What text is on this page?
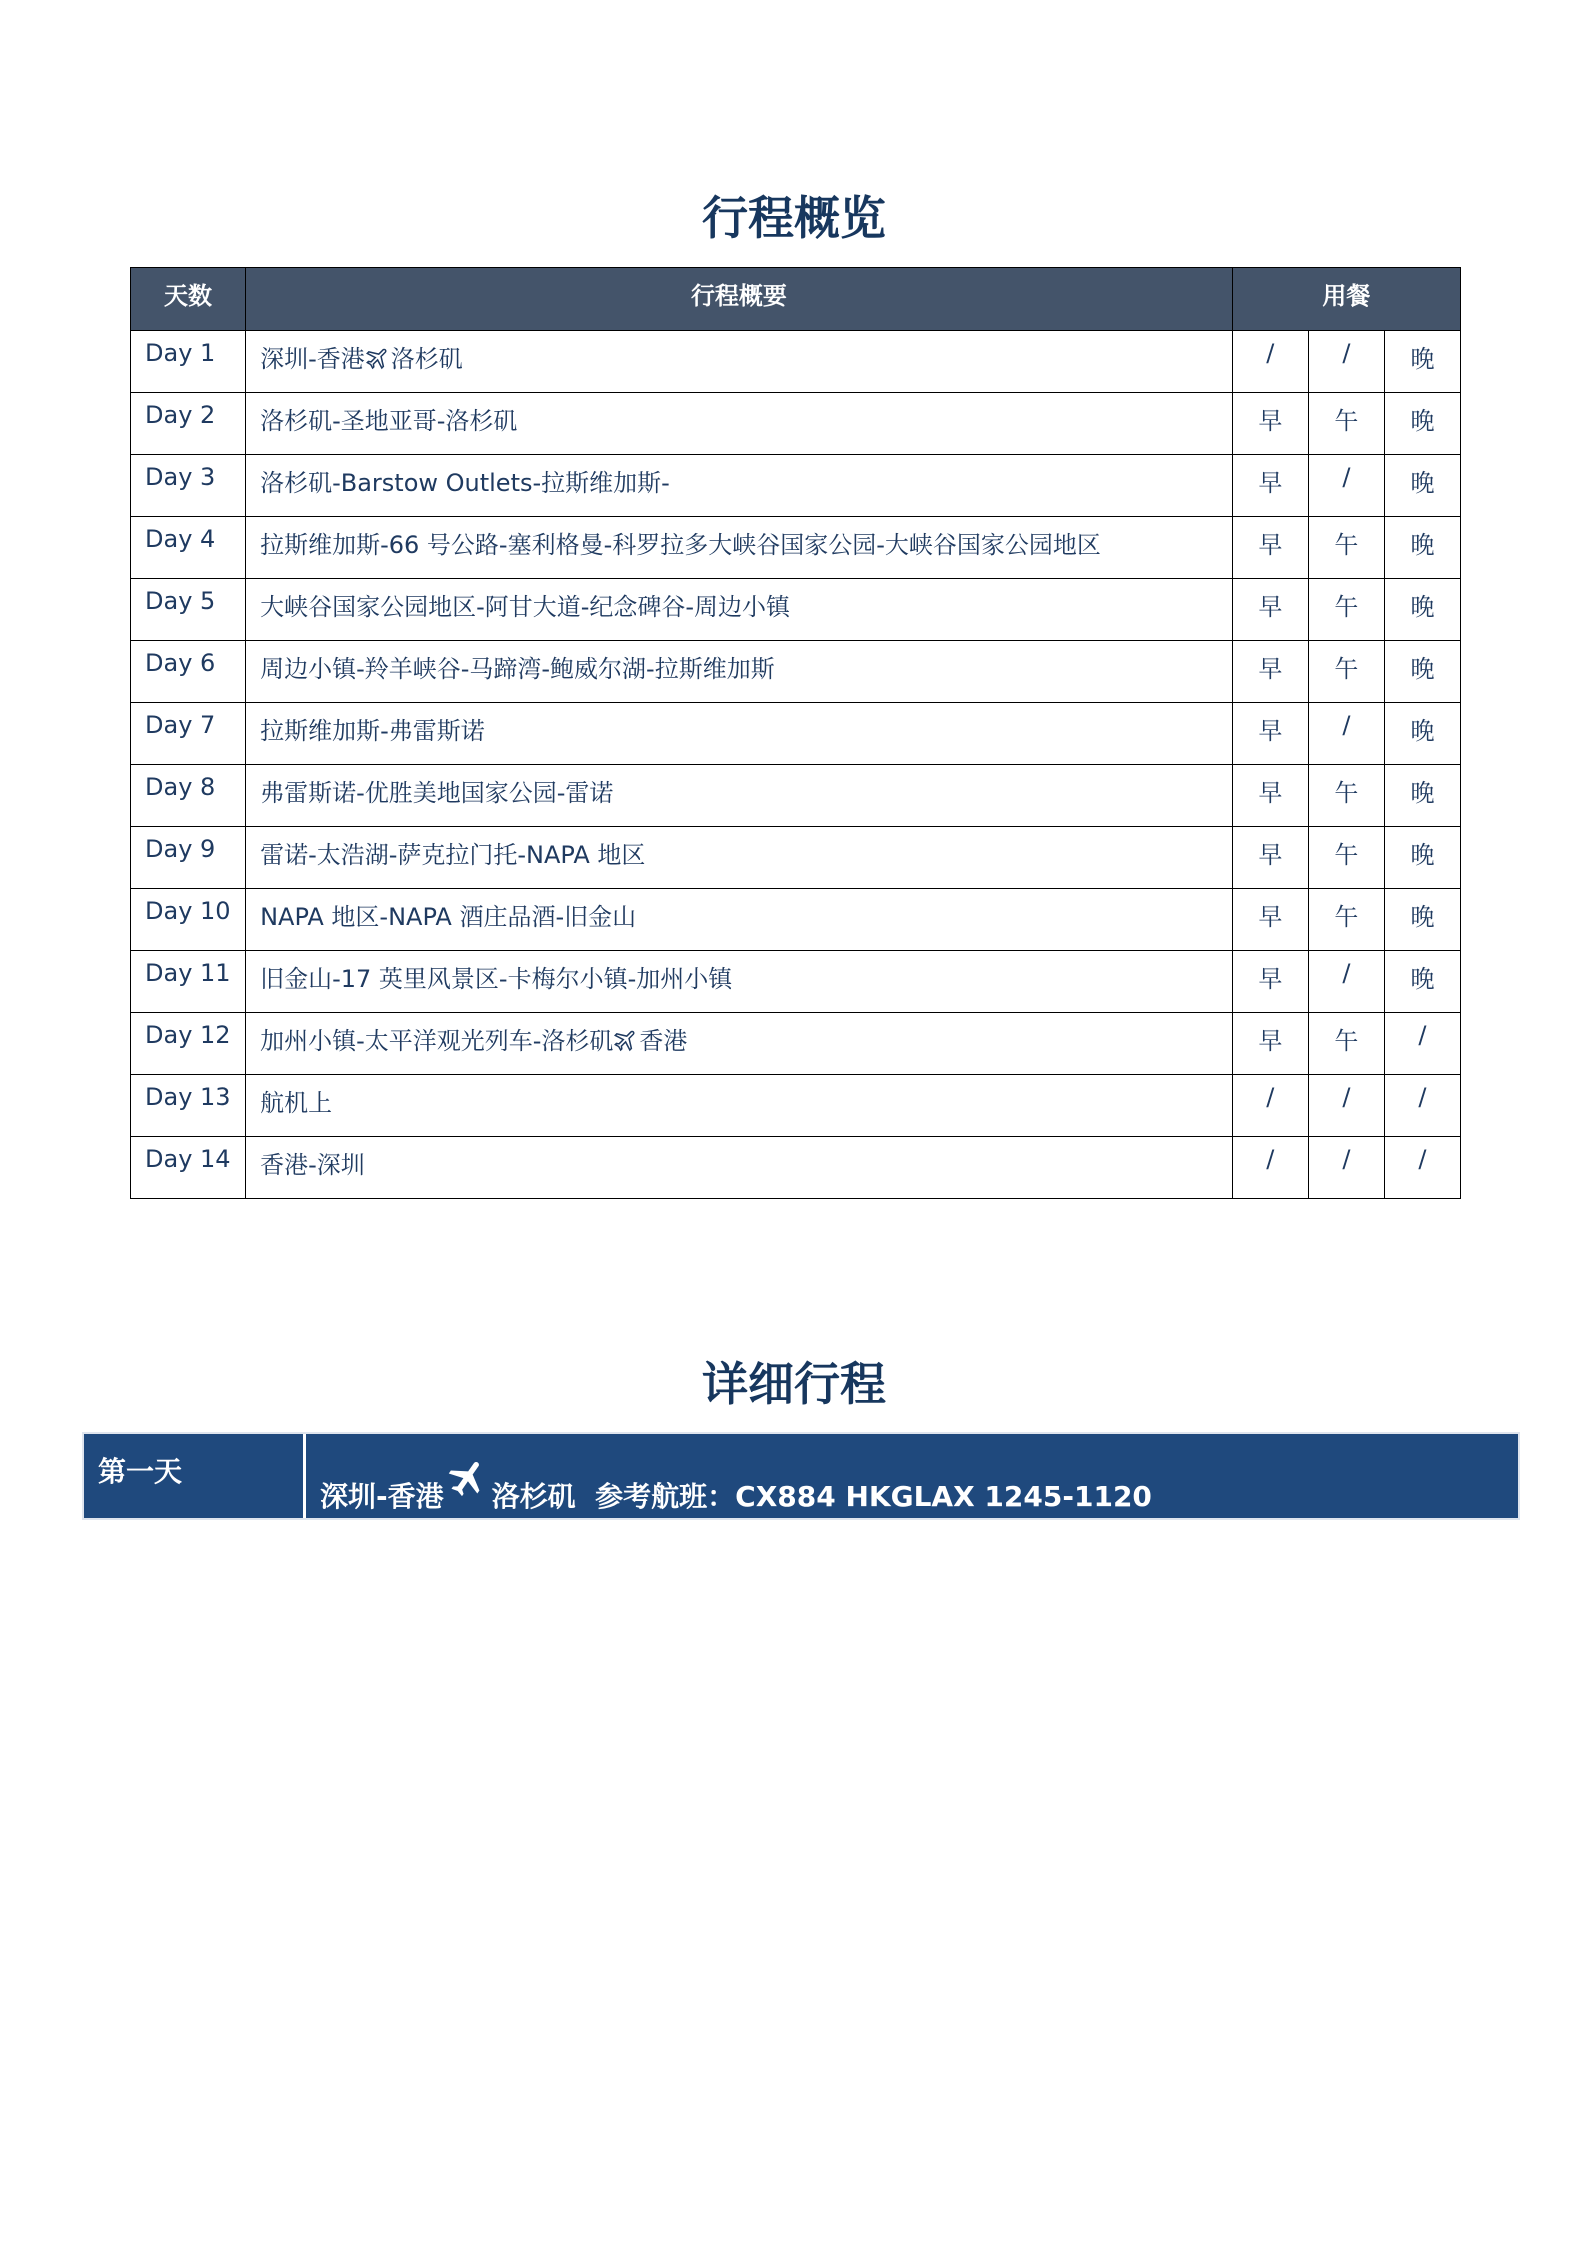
行程概览
天数	行程概要	用餐		
Day 1	深圳-香港 洛杉矶	/	/	晚
Day 2	洛杉矶-圣地亚哥-洛杉矶	早	午	晚
Day 3	洛杉矶-Barstow Outlets-拉斯维加斯-	早	/	晚
Day 4	拉斯维加斯-66 号公路-塞利格曼-科罗拉多大峡谷国家公园-大峡谷国家公园地区	早	午	晚
Day 5	大峡谷国家公园地区-阿甘大道-纪念碑谷-周边小镇	早	午	晚
Day 6	周边小镇-羚羊峡谷-马蹄湾-鲍威尔湖-拉斯维加斯	早	午	晚
Day 7	拉斯维加斯-弗雷斯诺	早	/	晚
Day 8	弗雷斯诺-优胜美地国家公园-雷诺	早	午	晚
Day 9	雷诺-太浩湖-萨克拉门托-NAPA 地区	早	午	晚
Day 10	NAPA 地区-NAPA 酒庄品酒-旧金山	早	午	晚
Day 11	旧金山-17 英里风景区-卡梅尔小镇-加州小镇	早	/	晚
Day 12	加州小镇-太平洋观光列车-洛杉矶 香港	早	午	/
Day 13	航机上	/	/	/
Day 14	香港-深圳	/	/	/
详细行程
第一天
深圳-香港 洛杉矶 参考航班：CX884 HKGLAX 1245-1120
